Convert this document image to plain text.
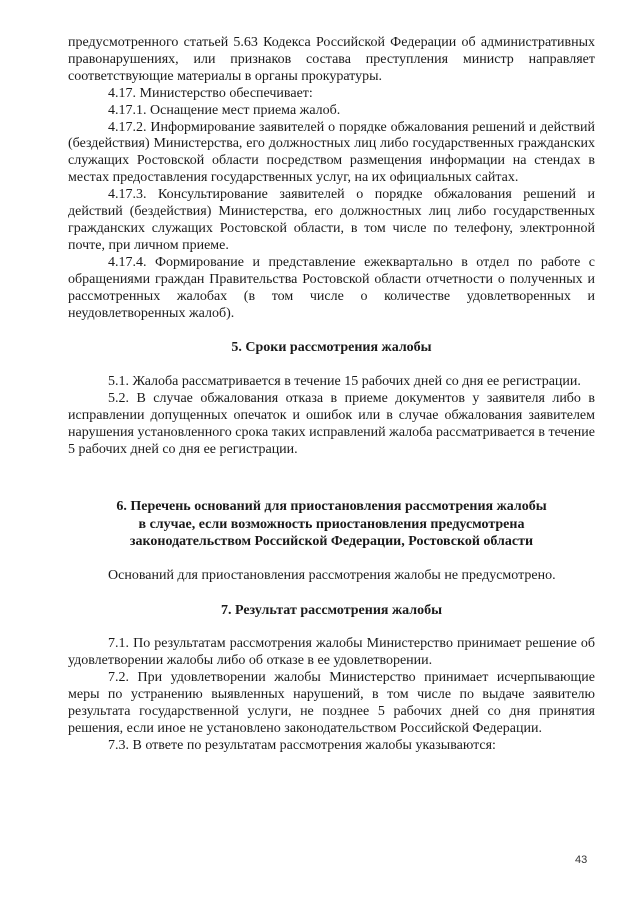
предусмотренного статьей 5.63 Кодекса Российской Федерации об административных правонарушениях, или признаков состава преступления министр направляет соответствующие материалы в органы прокуратуры.

4.17. Министерство обеспечивает:

4.17.1. Оснащение мест приема жалоб.

4.17.2. Информирование заявителей о порядке обжалования решений и действий (бездействия) Министерства, его должностных лиц либо государственных гражданских служащих Ростовской области посредством размещения информации на стендах в местах предоставления государственных услуг, на их официальных сайтах.

4.17.3. Консультирование заявителей о порядке обжалования решений и действий (бездействия) Министерства, его должностных лиц либо государственных гражданских служащих Ростовской области, в том числе по телефону, электронной почте, при личном приеме.

4.17.4. Формирование и представление ежеквартально в отдел по работе с обращениями граждан Правительства Ростовской области отчетности о полученных и рассмотренных жалобах (в том числе о количестве удовлетворенных и неудовлетворенных жалоб).

5. Сроки рассмотрения жалобы

5.1. Жалоба рассматривается в течение 15 рабочих дней со дня ее регистрации.

5.2. В случае обжалования отказа в приеме документов у заявителя либо в исправлении допущенных опечаток и ошибок или в случае обжалования заявителем нарушения установленного срока таких исправлений жалоба рассматривается в течение 5 рабочих дней со дня ее регистрации.

6. Перечень оснований для приостановления рассмотрения жалобы
в случае, если возможность приостановления предусмотрена
законодательством Российской Федерации, Ростовской области

Оснований для приостановления рассмотрения жалобы не предусмотрено.

7. Результат рассмотрения жалобы

7.1. По результатам рассмотрения жалобы Министерство принимает решение об удовлетворении жалобы либо об отказе в ее удовлетворении.

7.2. При удовлетворении жалобы Министерство принимает исчерпывающие меры по устранению выявленных нарушений, в том числе по выдаче заявителю результата государственной услуги, не позднее 5 рабочих дней со дня принятия решения, если иное не установлено законодательством Российской Федерации.

7.3. В ответе по результатам рассмотрения жалобы указываются:

43
